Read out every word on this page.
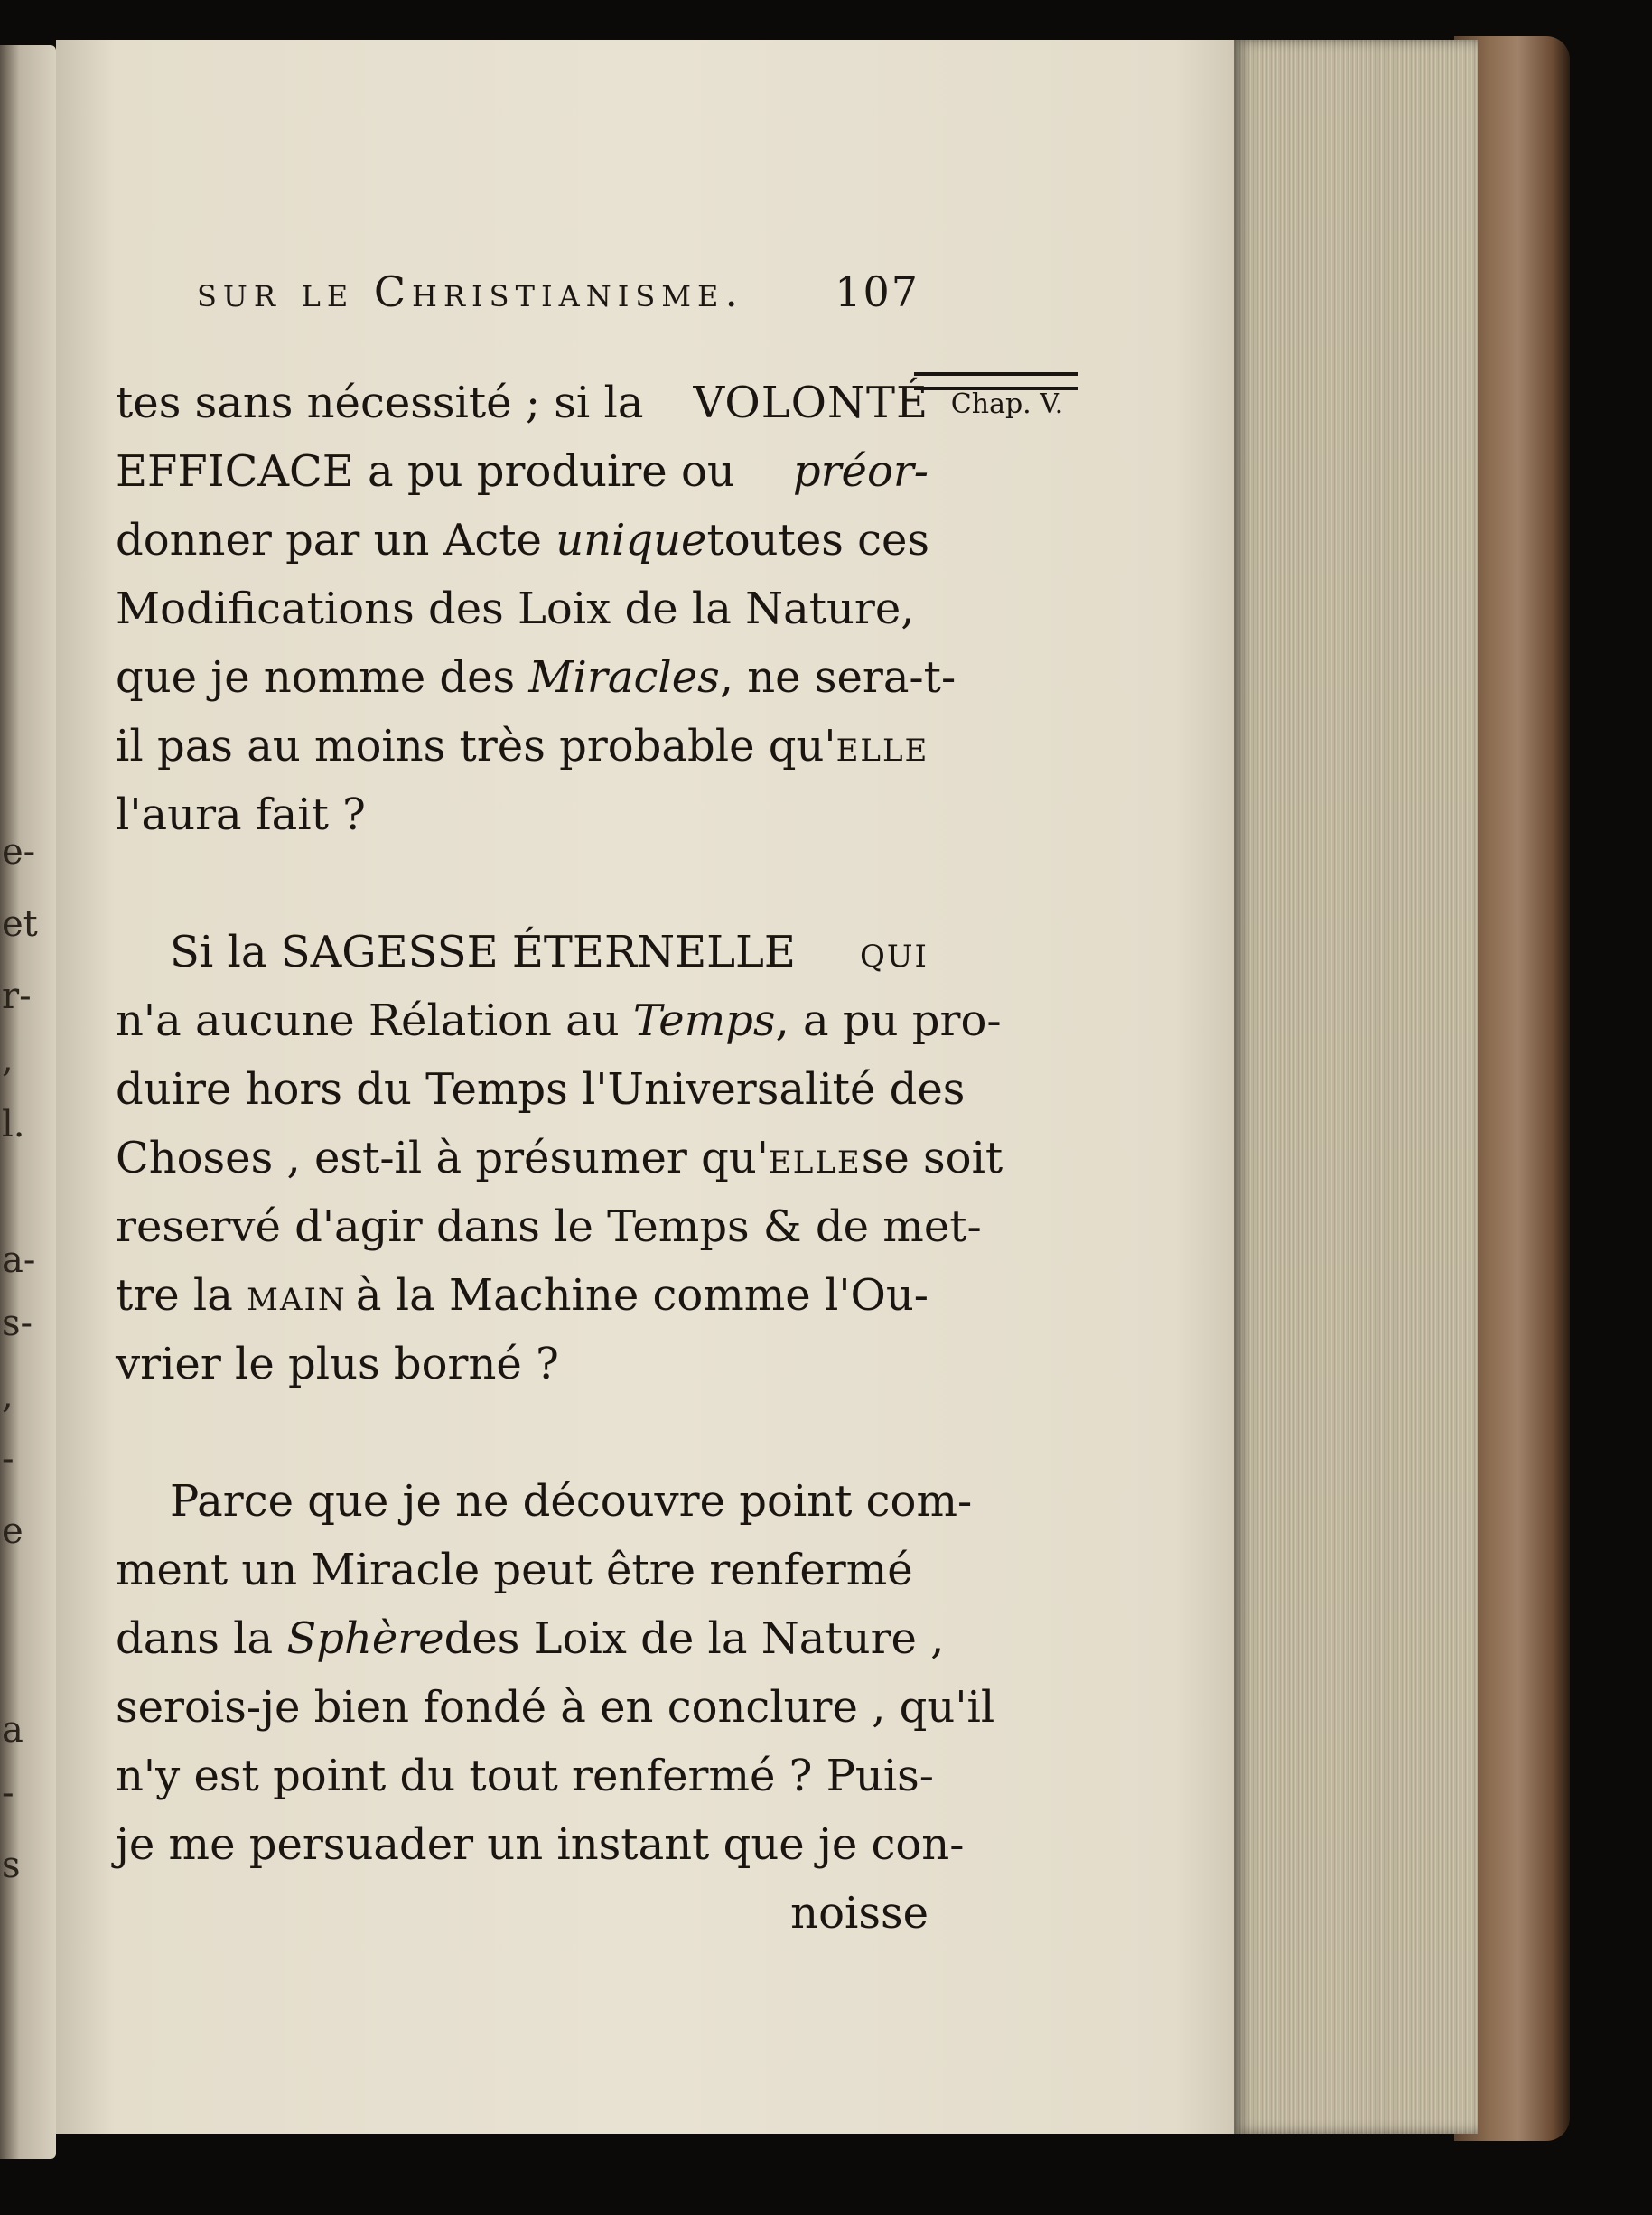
e-
et
r-
,
l.
a-
s-
,
-
e
a
-
s
sur le Christianisme. 107
Chap. V.
tes sans nécessité ; si la VOLONTÉ
EFFICACE a pu produire ou préor-
donner par un Acte unique toutes ces
Modifications des Loix de la Nature,
que je nomme des Miracles , ne sera-t-
il pas au moins très probable qu' elle
l'aura fait ?
Si la SAGESSE ÉTERNELLE qui
n'a aucune Rélation au Temps , a pu pro-
duire hors du Temps l'Universalité des
Choses , est-il à présumer qu'elle se soit
reservé d'agir dans le Temps & de met-
tre la main à la Machine comme l'Ou-
vrier le plus borné ?
Parce que je ne découvre point com-
ment un Miracle peut être renfermé
dans la Sphère des Loix de la Nature ,
serois-je bien fondé à en conclure , qu'il
n'y est point du tout renfermé ? Puis-
je me persuader un instant que je con-
noisse
